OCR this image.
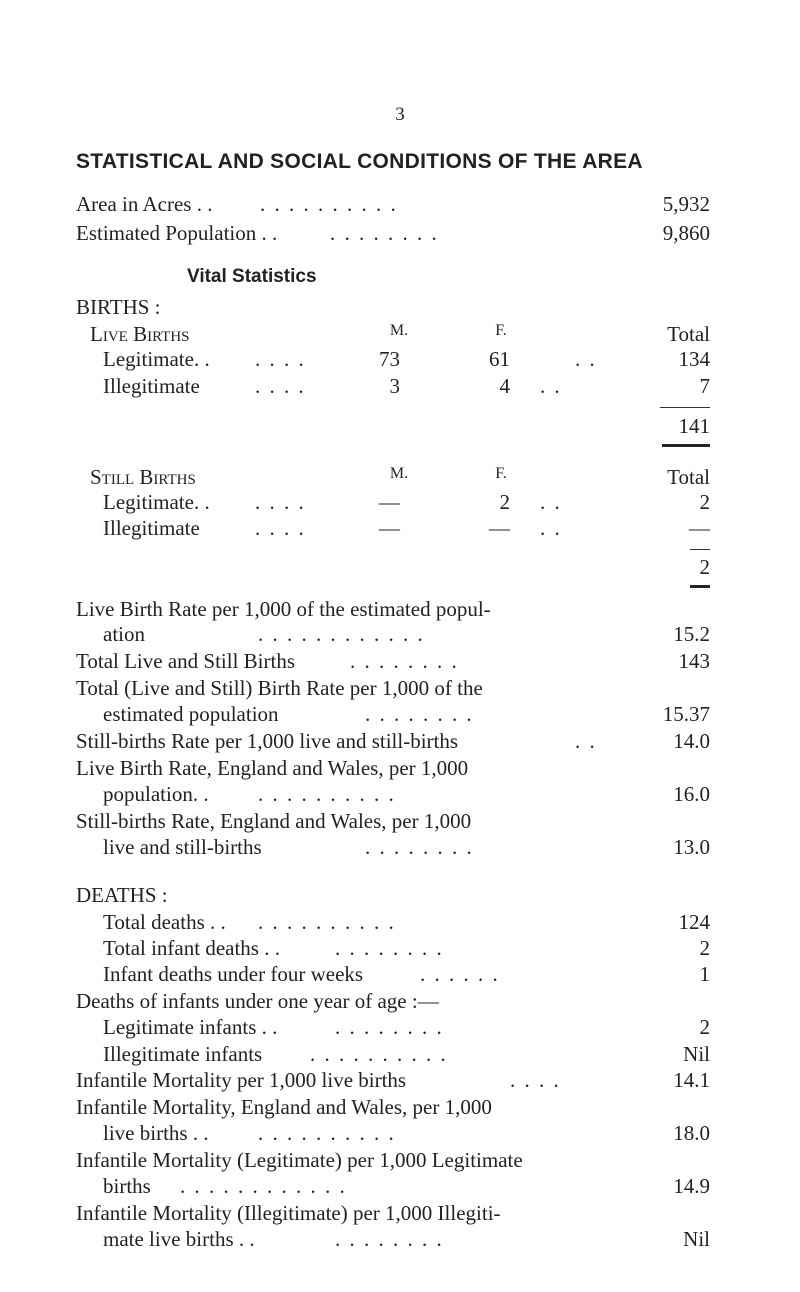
3
STATISTICAL AND SOCIAL CONDITIONS OF THE AREA
Area in Acres . . . . . . . . . . . .	5,932
Estimated Population . .	. . . . . . . .	9,860
Vital Statistics
BIRTHS :
Live Births	M.	F.	Total
Legitimate. . . . . .	73	61	. .	134
Illegitimate	. . . .	3	4 . .	7
141
Still Births	M.	F.	Total
Legitimate. . . . . .	—	2 . .	2
Illegitimate	. . . .	—	— . .	—
2
Live Birth Rate per 1,000 of the estimated popul-
ation	. . . . . . . . . . . .	15.2
Total Live and Still Births	. . . . . . . .	143
Total (Live and Still) Birth Rate per 1,000 of the
estimated population	. . . . . . . .	15.37
Still-births Rate per 1,000 live and still-births	. .	14.0
Live Birth Rate, England and Wales, per 1,000
population. . . . . . . . . . . .	16.0
Still-births Rate, England and Wales, per 1,000
live and still-births	. . . . . . . .	13.0
DEATHS :
Total deaths . . . . . . . . . . . .	124
Total infant deaths . .	. . . . . . . .	2
Infant deaths under four weeks	. . . . . .	1
Deaths of infants under one year of age :—
Legitimate infants . .	. . . . . . . .	2
Illegitimate infants . . . . . . . . . .	Nil
Infantile Mortality per 1,000 live births	. . . .	14.1
Infantile Mortality, England and Wales, per 1,000
live births . . . . . . . . . . . .	18.0
Infantile Mortality (Legitimate) per 1,000 Legitimate
births . . . . . . . . . . . .	14.9
Infantile Mortality (Illegitimate) per 1,000 Illegiti-
mate live births . .	. . . . . . . .	Nil
